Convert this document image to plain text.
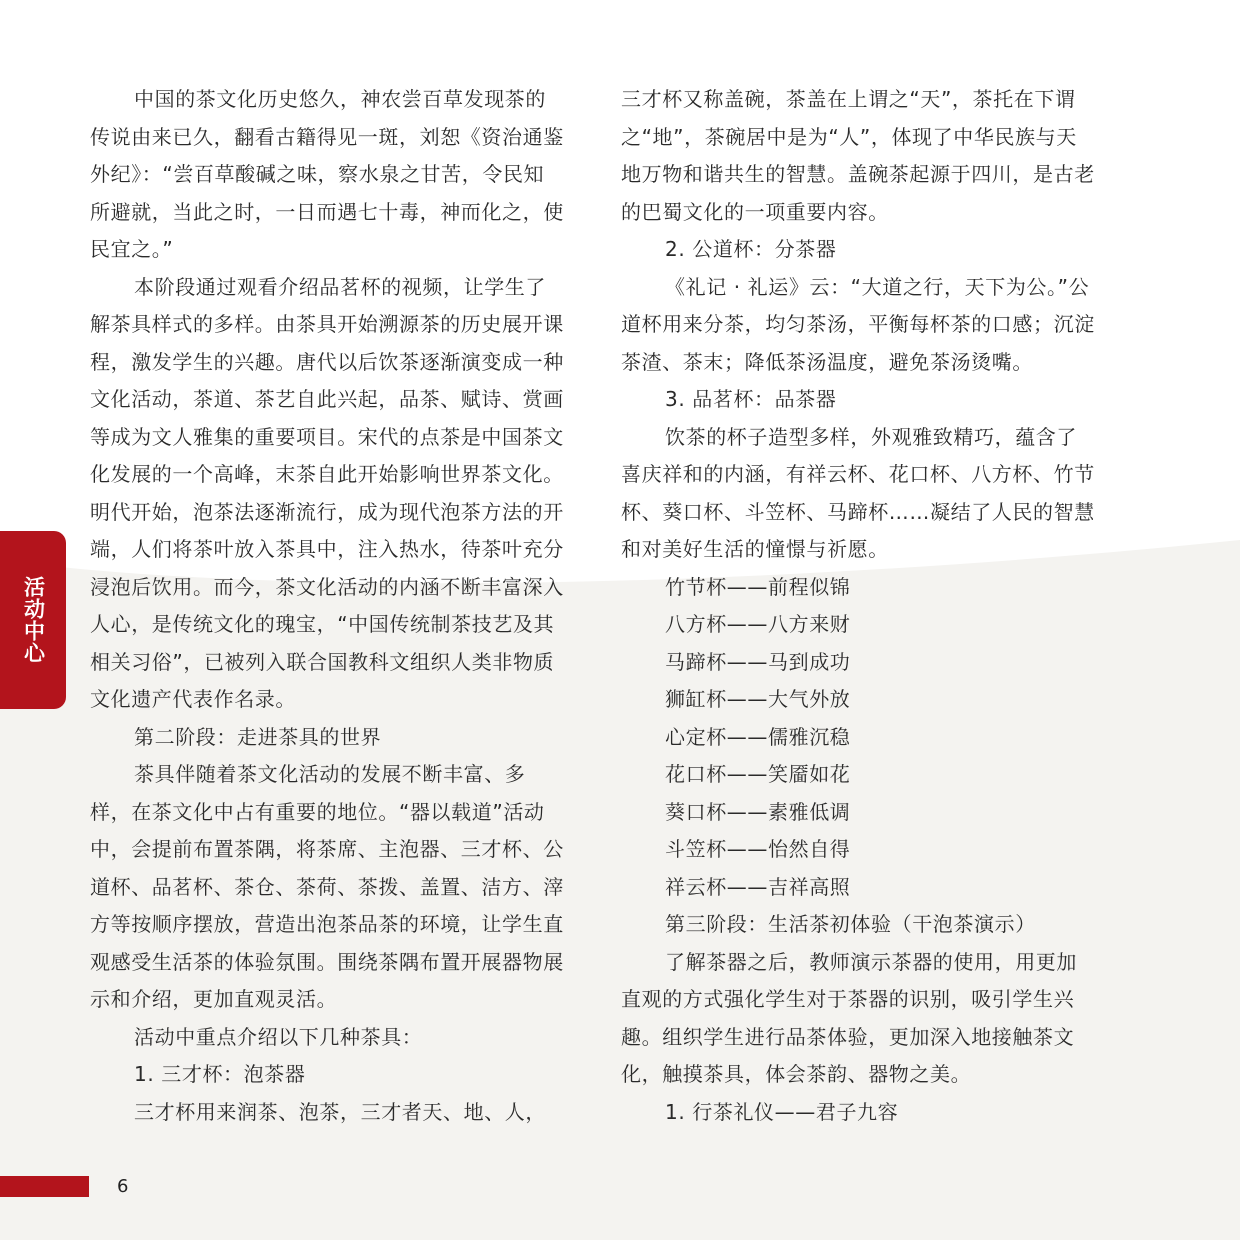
中国的茶文化历史悠久，神农尝百草发现茶的传说由来已久，翻看古籍得见一斑，刘恕《资治通鉴外纪》：“尝百草酸碱之味，察水泉之甘苦，令民知所避就，当此之时，一日而遇七十毒，神而化之，使民宜之。”

本阶段通过观看介绍品茗杯的视频，让学生了解茶具样式的多样。由茶具开始溯源茶的历史展开课程，激发学生的兴趣。唐代以后饮茶逐渐演变成一种文化活动，茶道、茶艺自此兴起，品茶、赋诗、赏画等成为文人雅集的重要项目。宋代的点茶是中国茶文化发展的一个高峰，末茶自此开始影响世界茶文化。明代开始，泡茶法逐渐流行，成为现代泡茶方法的开端，人们将茶叶放入茶具中，注入热水，待茶叶充分浸泡后饮用。而今，茶文化活动的内涵不断丰富深入人心，是传统文化的瑰宝，“中国传统制茶技艺及其相关习俗”，已被列入联合国教科文组织人类非物质文化遗产代表作名录。

第二阶段：走进茶具的世界

茶具伴随着茶文化活动的发展不断丰富、多样，在茶文化中占有重要的地位。“器以载道”活动中，会提前布置茶隅，将茶席、主泡器、三才杯、公道杯、品茗杯、茶仓、茶荷、茶拨、盖置、洁方、滓方等按顺序摆放，营造出泡茶品茶的环境，让学生直观感受生活茶的体验氛围。围绕茶隅布置开展器物展示和介绍，更加直观灵活。

活动中重点介绍以下几种茶具：

1. 三才杯：泡茶器

三才杯用来润茶、泡茶，三才者天、地、人，

三才杯又称盖碗，茶盖在上谓之“天”，茶托在下谓之“地”，茶碗居中是为“人”，体现了中华民族与天地万物和谐共生的智慧。盖碗茶起源于四川，是古老的巴蜀文化的一项重要内容。

2. 公道杯：分茶器

《礼记 · 礼运》云：“大道之行，天下为公。”公道杯用来分茶，均匀茶汤，平衡每杯茶的口感；沉淀茶渣、茶末；降低茶汤温度，避免茶汤烫嘴。

3. 品茗杯：品茶器

饮茶的杯子造型多样，外观雅致精巧，蕴含了喜庆祥和的内涵，有祥云杯、花口杯、八方杯、竹节杯、葵口杯、斗笠杯、马蹄杯……凝结了人民的智慧和对美好生活的憧憬与祈愿。

竹节杯——前程似锦

八方杯——八方来财

马蹄杯——马到成功

狮缸杯——大气外放

心定杯——儒雅沉稳

花口杯——笑靥如花

葵口杯——素雅低调

斗笠杯——怡然自得

祥云杯——吉祥高照

第三阶段：生活茶初体验（干泡茶演示）

了解茶器之后，教师演示茶器的使用，用更加直观的方式强化学生对于茶器的识别，吸引学生兴趣。组织学生进行品茶体验，更加深入地接触茶文化，触摸茶具，体会茶韵、器物之美。

1. 行茶礼仪——君子九容

活动中心
6
